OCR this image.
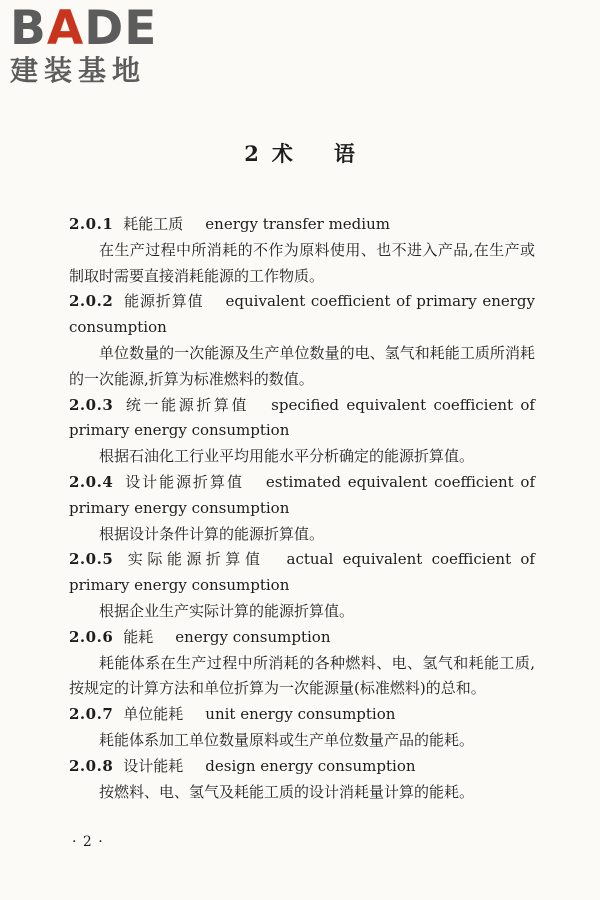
BADE
建装基地
2 术 语
2.0.1 耗能工质 energy transfer medium
在生产过程中所消耗的不作为原料使用、也不进入产品,在生产或制取时需要直接消耗能源的工作物质。
2.0.2 能源折算值 equivalent coefficient of primary energy consumption
单位数量的一次能源及生产单位数量的电、氢气和耗能工质所消耗的一次能源,折算为标准燃料的数值。
2.0.3 统一能源折算值 specified equivalent coefficient of primary energy consumption
根据石油化工行业平均用能水平分析确定的能源折算值。
2.0.4 设计能源折算值 estimated equivalent coefficient of primary energy consumption
根据设计条件计算的能源折算值。
2.0.5 实际能源折算值 actual equivalent coefficient of primary energy consumption
根据企业生产实际计算的能源折算值。
2.0.6 能耗 energy consumption
耗能体系在生产过程中所消耗的各种燃料、电、氢气和耗能工质,按规定的计算方法和单位折算为一次能源量(标准燃料)的总和。
2.0.7 单位能耗 unit energy consumption
耗能体系加工单位数量原料或生产单位数量产品的能耗。
2.0.8 设计能耗 design energy consumption
按燃料、电、氢气及耗能工质的设计消耗量计算的能耗。
· 2 ·
